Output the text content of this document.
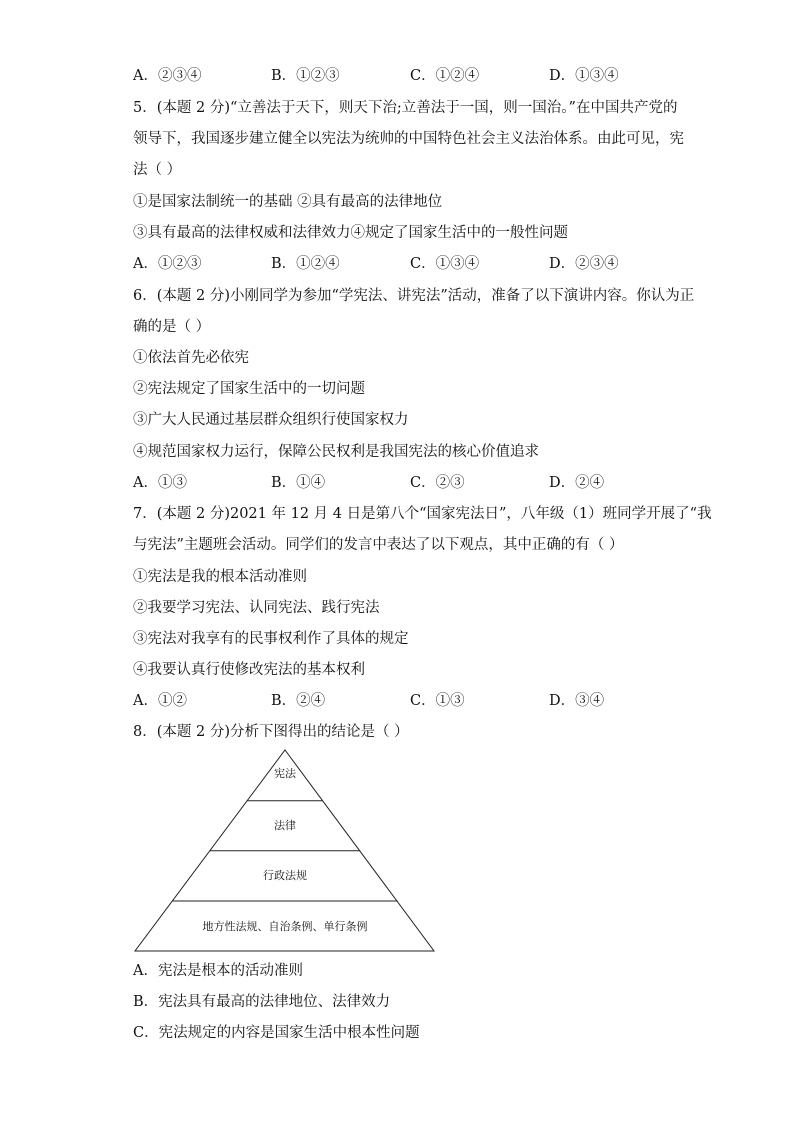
A．②③④	B．①②③	C．①②④	D．①③④
5．(本题 2 分)“立善法于天下，则天下治;立善法于一国，则一国治。”在中国共产党的
领导下，我国逐步建立健全以宪法为统帅的中国特色社会主义法治体系。由此可见，宪
法（ ）
①是国家法制统一的基础 ②具有最高的法律地位
③具有最高的法律权威和法律效力④规定了国家生活中的一般性问题
A．①②③	B．①②④	C．①③④	D．②③④
6．(本题 2 分)小刚同学为参加“学宪法、讲宪法”活动，准备了以下演讲内容。你认为正
确的是（ ）
①依法首先必依宪
②宪法规定了国家生活中的一切问题
③广大人民通过基层群众组织行使国家权力
④规范国家权力运行，保障公民权利是我国宪法的核心价值追求
A．①③	B．①④	C．②③	D．②④
7．(本题 2 分)2021 年 12 月 4 日是第八个“国家宪法日”，八年级（1）班同学开展了“我
与宪法”主题班会活动。同学们的发言中表达了以下观点，其中正确的有（ ）
①宪法是我的根本活动准则
②我要学习宪法、认同宪法、践行宪法
③宪法对我享有的民事权利作了具体的规定
④我要认真行使修改宪法的基本权利
A．①②	B．②④	C．①③	D．③④
8．(本题 2 分)分析下图得出的结论是（ ）
宪法
法律
行政法规
地方性法规、自治条例、单行条例
A．宪法是根本的活动准则
B．宪法具有最高的法律地位、法律效力
C．宪法规定的内容是国家生活中根本性问题
